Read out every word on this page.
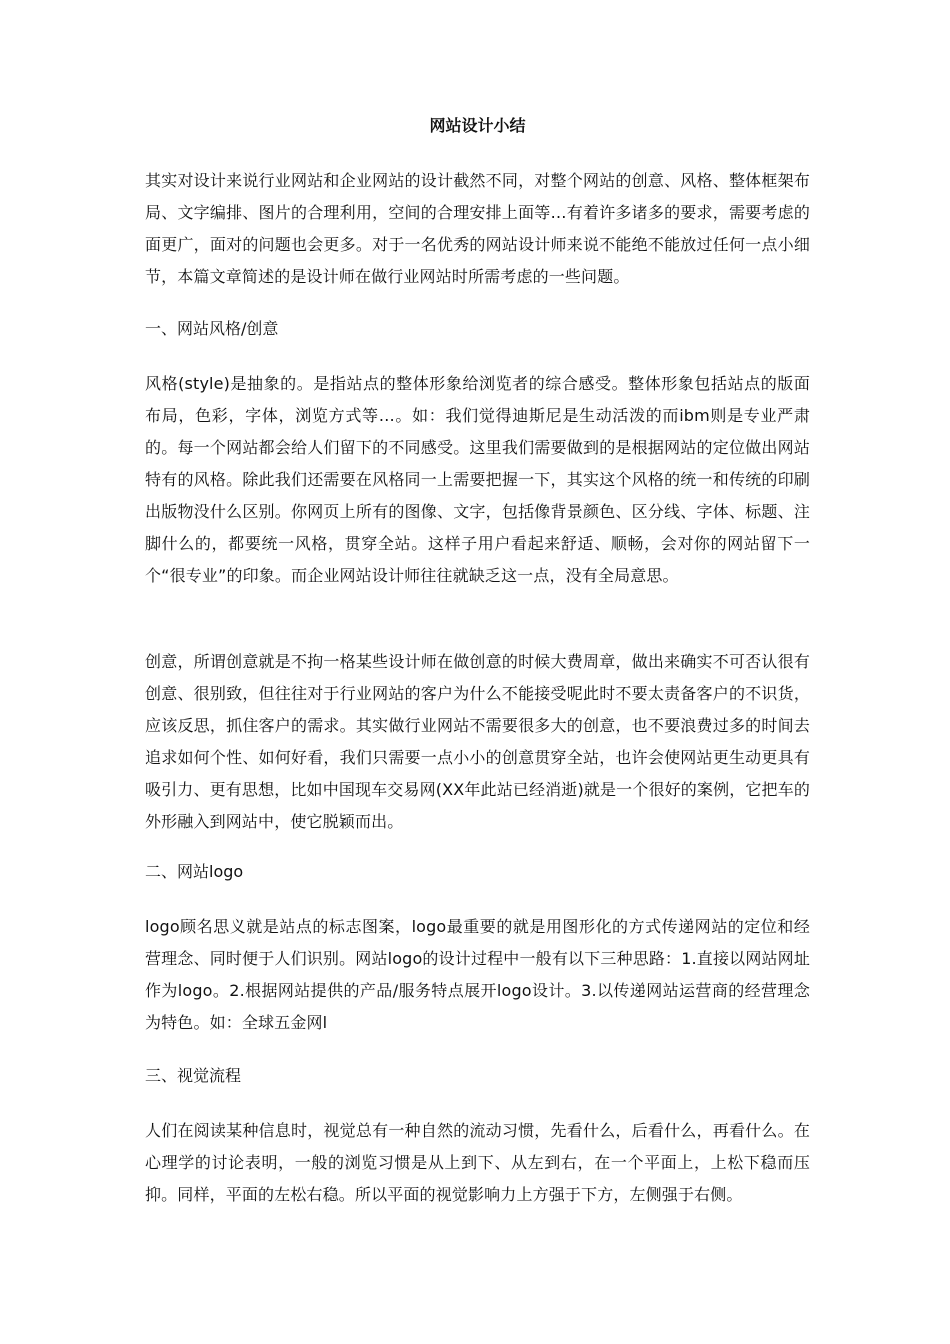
网站设计小结

其实对设计来说行业网站和企业网站的设计截然不同，对整个网站的创意、风格、整体框架布局、文字编排、图片的合理利用，空间的合理安排上面等…有着许多诸多的要求，需要考虑的面更广，面对的问题也会更多。对于一名优秀的网站设计师来说不能绝不能放过任何一点小细节，本篇文章简述的是设计师在做行业网站时所需考虑的一些问题。

一、网站风格/创意

风格(style)是抽象的。是指站点的整体形象给浏览者的综合感受。整体形象包括站点的版面布局，色彩，字体，浏览方式等…。如：我们觉得迪斯尼是生动活泼的而ibm则是专业严肃的。每一个网站都会给人们留下的不同感受。这里我们需要做到的是根据网站的定位做出网站特有的风格。除此我们还需要在风格同一上需要把握一下，其实这个风格的统一和传统的印刷出版物没什么区别。你网页上所有的图像、文字，包括像背景颜色、区分线、字体、标题、注脚什么的，都要统一风格，贯穿全站。这样子用户看起来舒适、顺畅，会对你的网站留下一个“很专业”的印象。而企业网站设计师往往就缺乏这一点，没有全局意思。

创意，所谓创意就是不拘一格某些设计师在做创意的时候大费周章，做出来确实不可否认很有创意、很别致，但往往对于行业网站的客户为什么不能接受呢此时不要太责备客户的不识货，应该反思，抓住客户的需求。其实做行业网站不需要很多大的创意，也不要浪费过多的时间去追求如何个性、如何好看，我们只需要一点小小的创意贯穿全站，也许会使网站更生动更具有吸引力、更有思想，比如中国现车交易网(XX年此站已经消逝)就是一个很好的案例，它把车的外形融入到网站中，使它脱颖而出。

二、网站logo

logo顾名思义就是站点的标志图案，logo最重要的就是用图形化的方式传递网站的定位和经营理念、同时便于人们识别。网站logo的设计过程中一般有以下三种思路：1.直接以网站网址作为logo。2.根据网站提供的产品/服务特点展开logo设计。3.以传递网站运营商的经营理念为特色。如：全球五金网l

三、视觉流程

人们在阅读某种信息时，视觉总有一种自然的流动习惯，先看什么，后看什么，再看什么。在心理学的讨论表明，一般的浏览习惯是从上到下、从左到右，在一个平面上，上松下稳而压抑。同样，平面的左松右稳。所以平面的视觉影响力上方强于下方，左侧强于右侧。
